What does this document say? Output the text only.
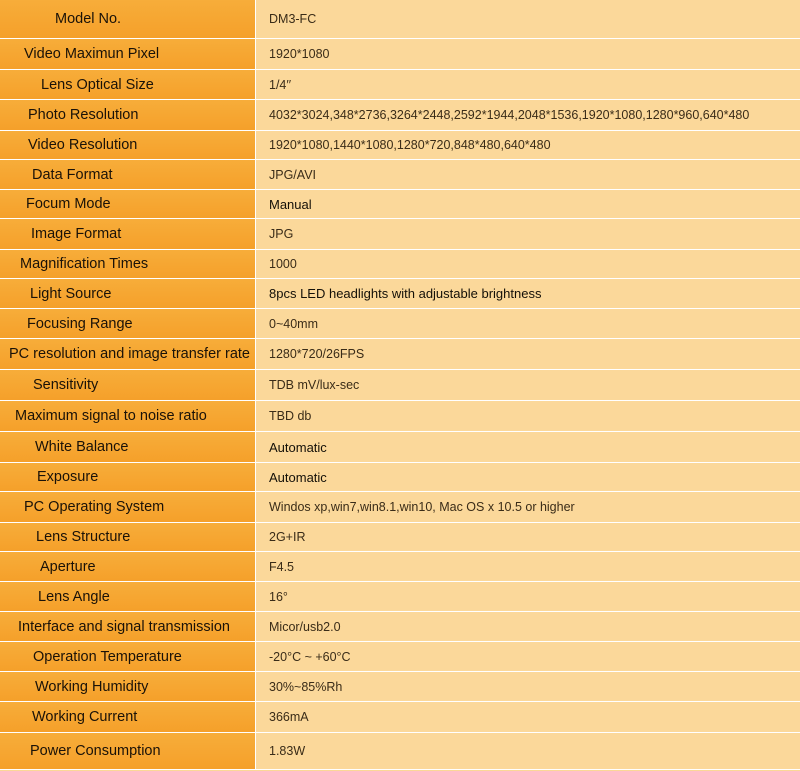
Model No.	DM3-FC
Video Maximun Pixel	1920*1080
Lens Optical Size	1/4′′
Photo Resolution	4032*3024,348*2736,3264*2448,2592*1944,2048*1536,1920*1080,1280*960,640*480
Video Resolution	1920*1080,1440*1080,1280*720,848*480,640*480
Data Format	JPG/AVI
Focum Mode	Manual
Image Format	JPG
Magnification Times	1000
Light Source	8pcs LED headlights with adjustable brightness
Focusing Range	0~40mm
PC resolution and image transfer rate	1280*720/26FPS
Sensitivity	TDB mV/lux-sec
Maximum signal to noise ratio	TBD db
White Balance	Automatic
Exposure	Automatic
PC Operating System	Windos xp,win7,win8.1,win10, Mac OS x 10.5 or higher
Lens Structure	2G+IR
Aperture	F4.5
Lens Angle	16°
Interface and signal transmission	Micor/usb2.0
Operation Temperature	-20°C ~ +60°C
Working Humidity	30%~85%Rh
Working Current	366mA
Power Consumption	1.83W
